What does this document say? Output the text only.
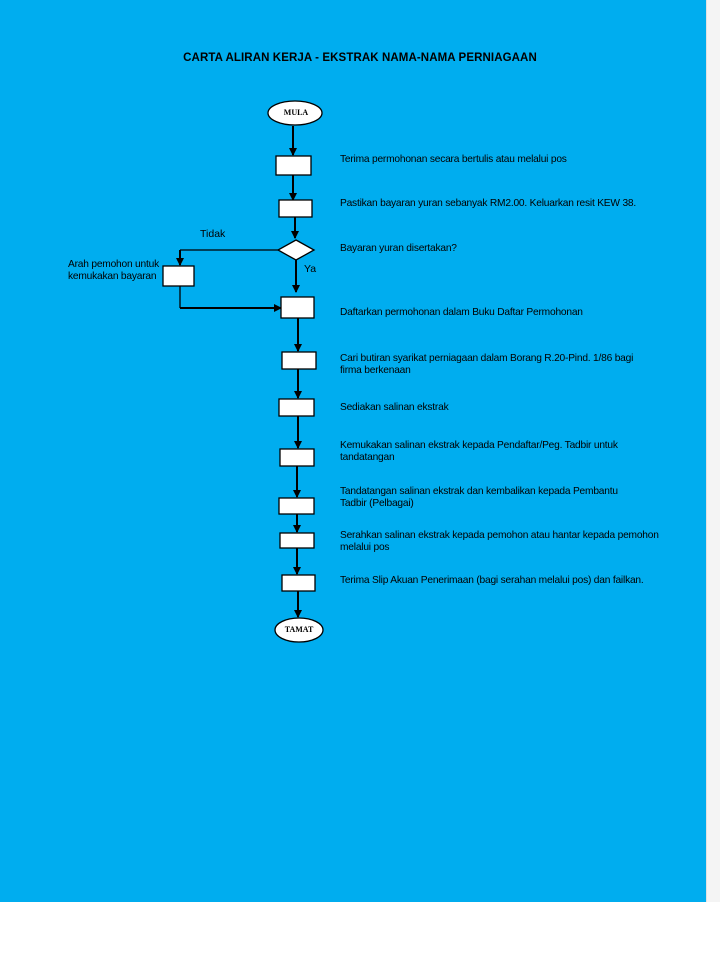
CARTA ALIRAN KERJA - EKSTRAK NAMA-NAMA PERNIAGAAN
MULA
TAMAT
Terima permohonan secara bertulis atau melalui pos
Pastikan bayaran yuran sebanyak RM2.00. Keluarkan resit KEW 38.
Bayaran yuran disertakan?
Daftarkan permohonan dalam Buku Daftar Permohonan
Cari butiran syarikat perniagaan dalam Borang R.20-Pind. 1/86 bagi firma berkenaan
Sediakan salinan ekstrak
Kemukakan salinan ekstrak kepada Pendaftar/Peg. Tadbir untuk tandatangan
Tandatangan salinan ekstrak dan kembalikan kepada Pembantu Tadbir (Pelbagai)
Serahkan salinan ekstrak kepada pemohon atau hantar kepada pemohon melalui pos
Terima Slip Akuan Penerimaan (bagi serahan melalui pos) dan failkan.
Arah pemohon untuk kemukakan bayaran
Ya
Tidak
